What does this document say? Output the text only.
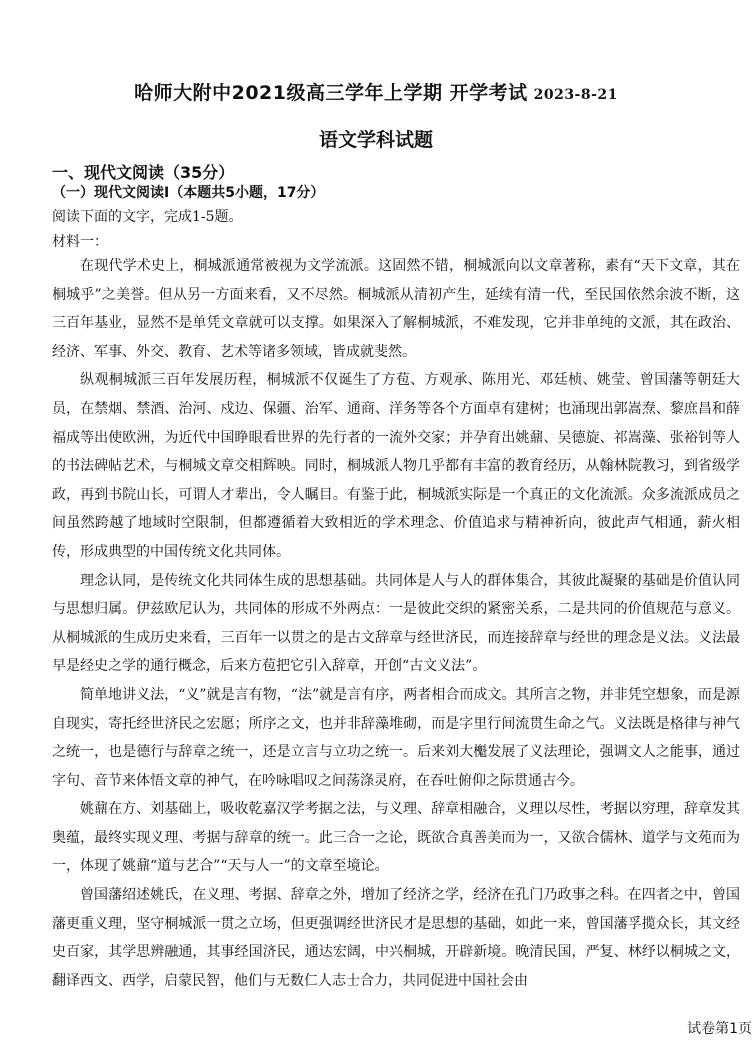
哈师大附中2021级高三学年上学期 开学考试 2023-8-21
语文学科试题
一、现代文阅读（35分）
（一）现代文阅读Ⅰ（本题共5小题，17分）
阅读下面的文字，完成1-5题。
材料一：

在现代学术史上，桐城派通常被视为文学流派。这固然不错，桐城派向以文章著称，素有“天下文章，其在桐城乎”之美誉。但从另一方面来看，又不尽然。桐城派从清初产生，延续有清一代，至民国依然余波不断，这三百年基业，显然不是单凭文章就可以支撑。如果深入了解桐城派，不难发现，它并非单纯的文派，其在政治、经济、军事、外交、教育、艺术等诸多领域，皆成就斐然。

纵观桐城派三百年发展历程，桐城派不仅诞生了方苞、方观承、陈用光、邓廷桢、姚莹、曾国藩等朝廷大员，在禁烟、禁酒、治河、戍边、保疆、治军、通商、洋务等各个方面卓有建树；也涌现出郭嵩焘、黎庶昌和薛福成等出使欧洲，为近代中国睁眼看世界的先行者的一流外交家；并孕育出姚鼐、吴德旋、祁嵩藻、张裕钊等人的书法碑帖艺术，与桐城文章交相辉映。同时，桐城派人物几乎都有丰富的教育经历，从翰林院教习，到省级学政，再到书院山长，可谓人才辈出，令人瞩目。有鉴于此，桐城派实际是一个真正的文化流派。众多流派成员之间虽然跨越了地域时空限制，但都遵循着大致相近的学术理念、价值追求与精神祈向，彼此声气相通，薪火相传，形成典型的中国传统文化共同体。

理念认同，是传统文化共同体生成的思想基础。共同体是人与人的群体集合，其彼此凝聚的基础是价值认同与思想归属。伊兹欧尼认为，共同体的形成不外两点：一是彼此交织的紧密关系，二是共同的价值规范与意义。从桐城派的生成历史来看，三百年一以贯之的是古文辞章与经世济民，而连接辞章与经世的理念是义法。义法最早是经史之学的通行概念，后来方苞把它引入辞章，开创“古文义法”。

简单地讲义法，“义”就是言有物，“法”就是言有序，两者相合而成文。其所言之物，并非凭空想象，而是源自现实，寄托经世济民之宏愿；所序之文，也并非辞藻堆砌，而是字里行间流贯生命之气。义法既是格律与神气之统一，也是德行与辞章之统一，还是立言与立功之统一。后来刘大櫆发展了义法理论，强调文人之能事，通过字句、音节来体悟文章的神气，在吟咏唱叹之间荡涤灵府，在吞吐俯仰之际贯通古今。

姚鼐在方、刘基础上，吸收乾嘉汉学考据之法，与义理、辞章相融合，义理以尽性，考据以穷理，辞章发其奥蕴，最终实现义理、考据与辞章的统一。此三合一之论，既欲合真善美而为一，又欲合儒林、道学与文苑而为一，体现了姚鼐“道与艺合”“天与人一”的文章至境论。

曾国藩绍述姚氏，在义理、考据、辞章之外，增加了经济之学，经济在孔门乃政事之科。在四者之中，曾国藩更重义理，坚守桐城派一贯之立场，但更强调经世济民才是思想的基础，如此一来，曾国藩孚揽众长，其文经史百家，其学思辨融通，其事经国济民，通达宏阔，中兴桐城，开辟新境。晚清民国，严复、林纾以桐城之文，翻译西文、西学，启蒙民智，他们与无数仁人志士合力，共同促进中国社会由

试卷第1页
